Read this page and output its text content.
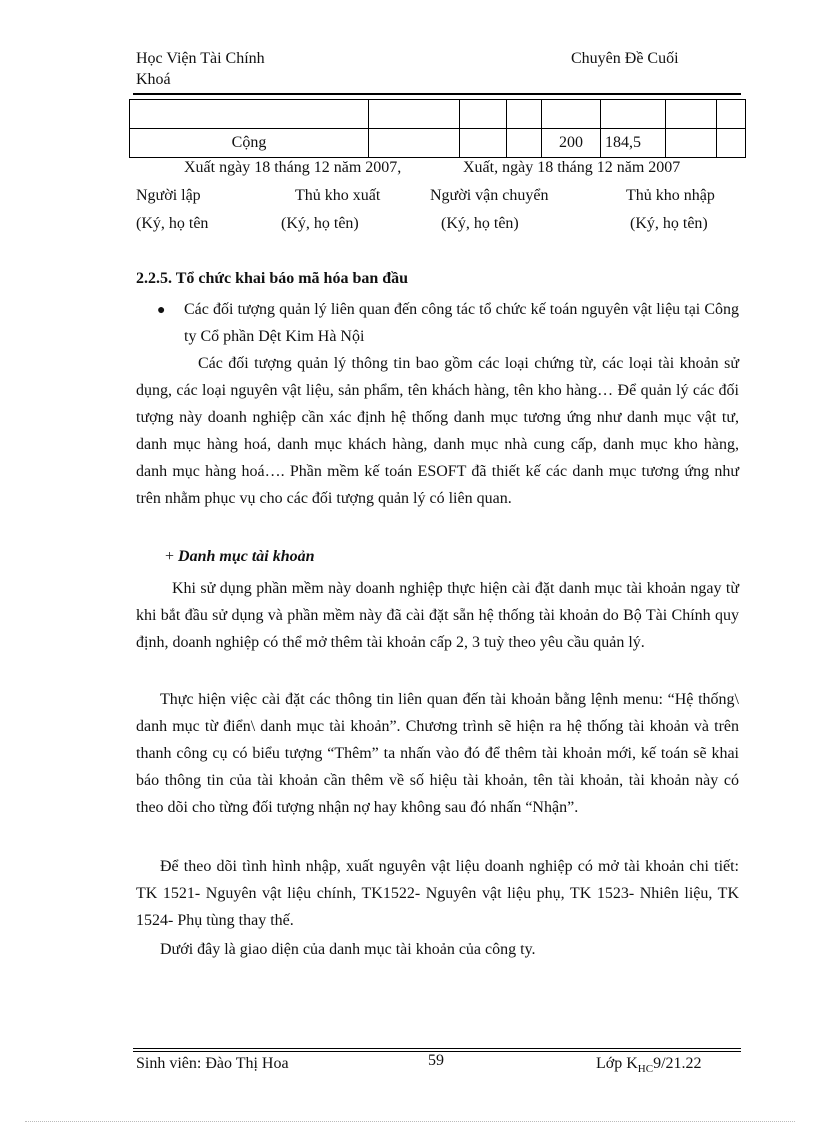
Học Viện Tài Chính
Khoá
Chuyên Đề Cuối

Cộng				200	184,5		
Xuất ngày 18 tháng 12 năm 2007,	Xuất, ngày 18 tháng 12 năm 2007
Người lập	Thủ kho xuất	Người vận chuyển	Thủ kho nhập
(Ký, họ tên	(Ký, họ tên)	(Ký, họ tên)	(Ký, họ tên)
2.2.5. Tổ chức khai báo mã hóa ban đầu
● Các đối tượng quản lý liên quan đến công tác tổ chức kế toán nguyên vật liệu tại Công ty Cổ phần Dệt Kim Hà Nội

Các đối tượng quản lý thông tin bao gồm các loại chứng từ, các loại tài khoản sử dụng, các loại nguyên vật liệu, sản phẩm, tên khách hàng, tên kho hàng… Để quản lý các đối tượng này doanh nghiệp cần xác định hệ thống danh mục tương ứng như danh mục vật tư, danh mục hàng hoá, danh mục khách hàng, danh mục nhà cung cấp, danh mục kho hàng, danh mục hàng hoá…. Phần mềm kế toán ESOFT đã thiết kế các danh mục tương ứng như trên nhằm phục vụ cho các đối tượng quản lý có liên quan.

+ Danh mục tài khoản

Khi sử dụng phần mềm này doanh nghiệp thực hiện cài đặt danh mục tài khoản ngay từ khi bắt đầu sử dụng và phần mềm này đã cài đặt sẵn hệ thống tài khoản do Bộ Tài Chính quy định, doanh nghiệp có thể mở thêm tài khoản cấp 2, 3 tuỳ theo yêu cầu quản lý.

Thực hiện việc cài đặt các thông tin liên quan đến tài khoản bằng lệnh menu: “Hệ thống\ danh mục từ điển\ danh mục tài khoản”. Chương trình sẽ hiện ra hệ thống tài khoản và trên thanh công cụ có biểu tượng “Thêm” ta nhấn vào đó để thêm tài khoản mới, kế toán sẽ khai báo thông tin của tài khoản cần thêm về số hiệu tài khoản, tên tài khoản, tài khoản này có theo dõi cho từng đối tượng nhận nợ hay không sau đó nhấn “Nhận”.

Để theo dõi tình hình nhập, xuất nguyên vật liệu doanh nghiệp có mở tài khoản chi tiết: TK 1521- Nguyên vật liệu chính, TK1522- Nguyên vật liệu phụ, TK 1523- Nhiên liệu, TK 1524- Phụ tùng thay thế.

Dưới đây là giao diện của danh mục tài khoản của công ty.

Sinh viên: Đào Thị Hoa	59	Lớp $K_{HC}9/21.22$
